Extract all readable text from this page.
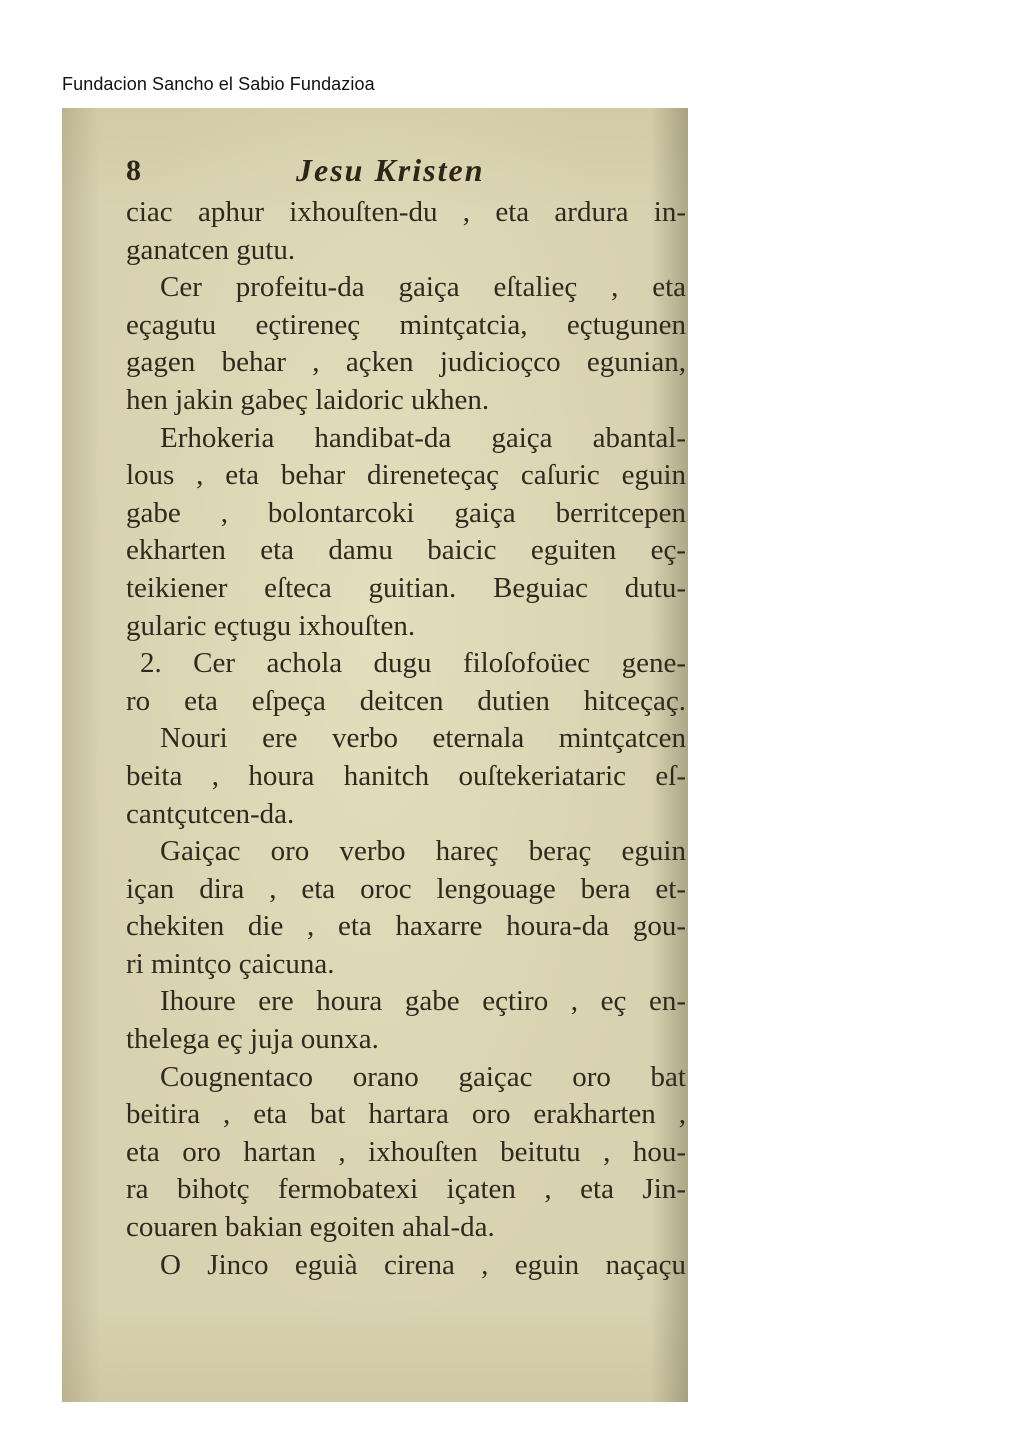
Fundacion Sancho el Sabio Fundazioa
8	Jesu Kristen
ciac aphur ixhouſten-du , eta ardura in-
ganatcen gutu.
Cer profeitu-da gaiça eſtalieç , eta
eçagutu eçtireneç mintçatcia, eçtugunen
gagen behar , açken judicioçco egunian,
hen jakin gabeç laidoric ukhen.
Erhokeria handibat-da gaiça abantal-
lous , eta behar direneteçaç caſuric eguin
gabe , bolontarcoki gaiça berritcepen
ekharten eta damu baicic eguiten eç-
teikiener eſteca guitian. Beguiac dutu-
gularic eçtugu ixhouſten.
2. Cer achola dugu filoſofoüec gene-
ro eta eſpeça deitcen dutien hitceçaç.
Nouri ere verbo eternala mintçatcen
beita , houra hanitch ouſtekeriataric eſ-
cantçutcen-da.
Gaiçac oro verbo hareç beraç eguin
içan dira , eta oroc lengouage bera et-
chekiten die , eta haxarre houra-da gou-
ri mintço çaicuna.
Ihoure ere houra gabe eçtiro , eç en-
thelega eç juja ounxa.
Cougnentaco orano gaiçac oro bat
beitira , eta bat hartara oro erakharten ,
eta oro hartan , ixhouſten beitutu , hou-
ra bihotç fermobatexi içaten , eta Jin-
couaren bakian egoiten ahal-da.
O Jinco eguià cirena , eguin naçaçu
